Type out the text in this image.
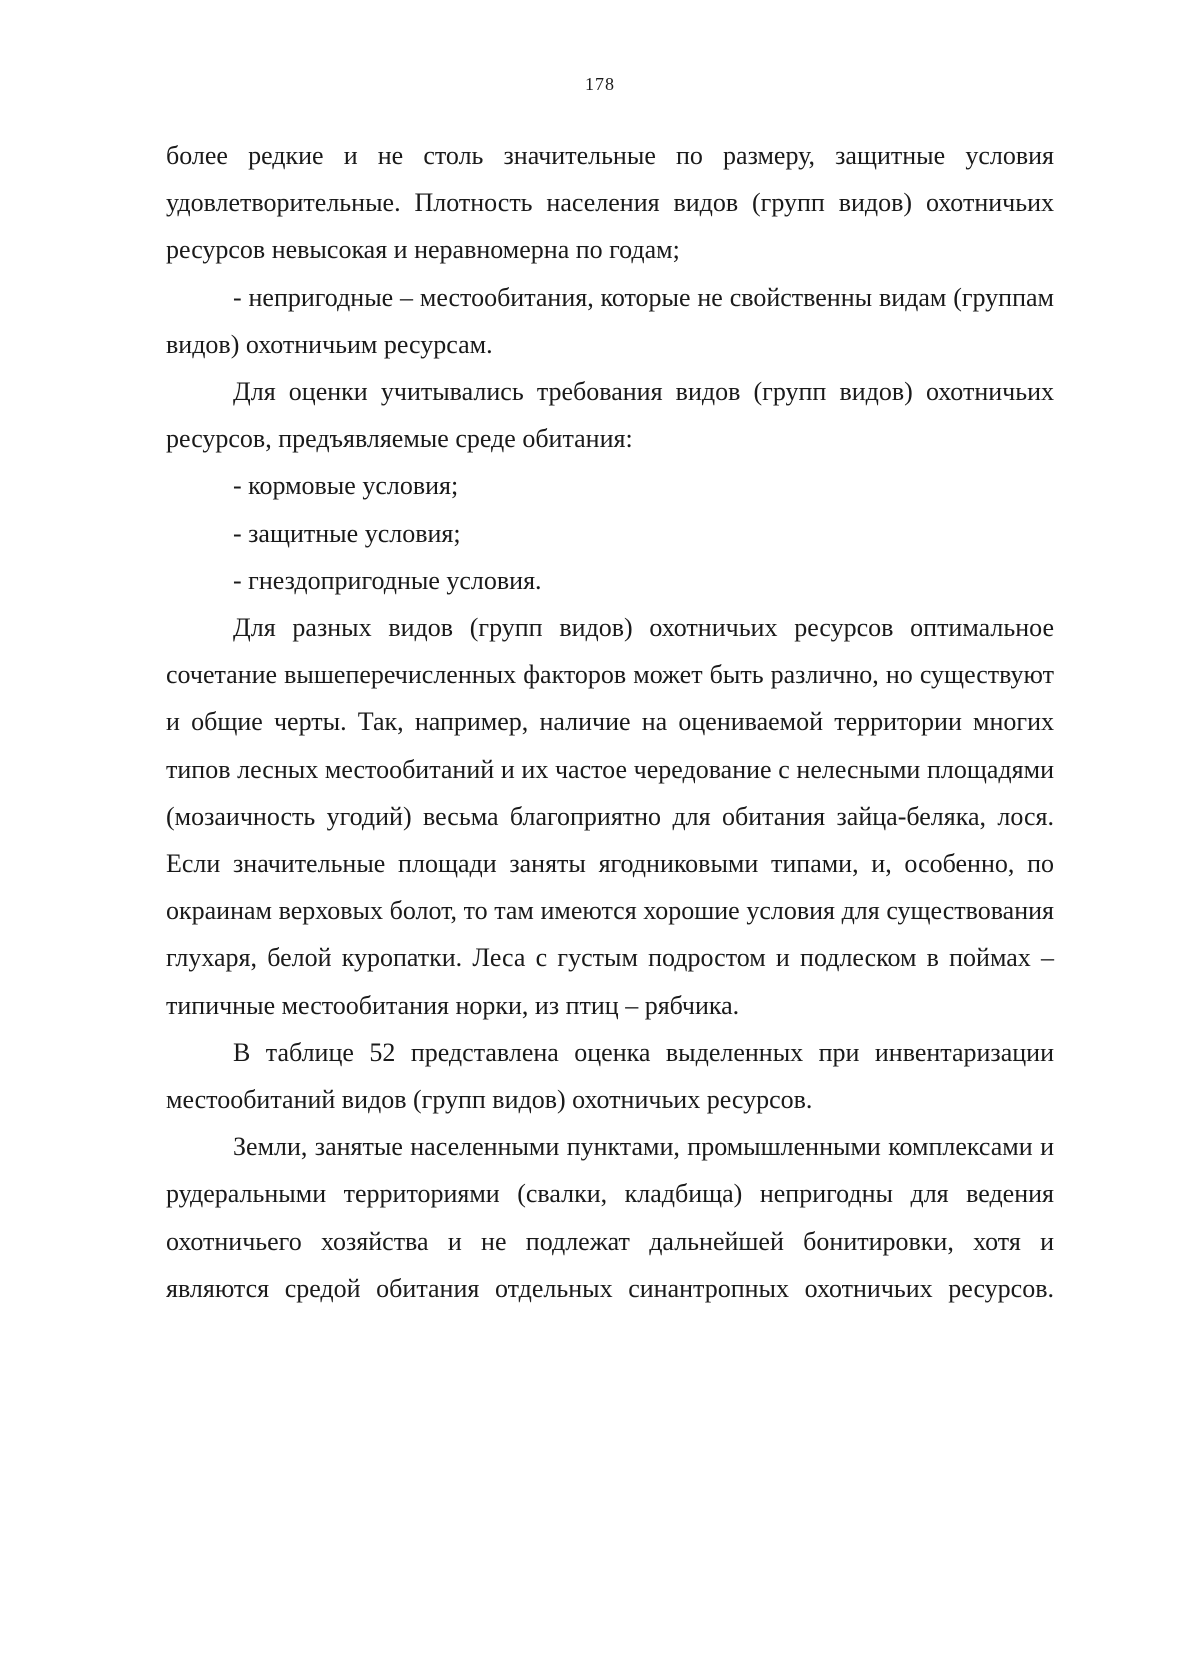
178

более редкие и не столь значительные по размеру, защитные условия удовлетворительные. Плотность населения видов (групп видов) охотничьих ресурсов невысокая и неравномерна по годам;

- непригодные – местообитания, которые не свойственны видам (группам видов) охотничьим ресурсам.

Для оценки учитывались требования видов (групп видов) охотничьих ресурсов, предъявляемые среде обитания:

- кормовые условия;

- защитные условия;

- гнездопригодные условия.

Для разных видов (групп видов) охотничьих ресурсов оптимальное сочетание вышеперечисленных факторов может быть различно, но существуют и общие черты. Так, например, наличие на оцениваемой территории многих типов лесных местообитаний и их частое чередование с нелесными площадями (мозаичность угодий) весьма благоприятно для обитания зайца-беляка, лося. Если значительные площади заняты ягодниковыми типами, и, особенно, по окраинам верховых болот, то там имеются хорошие условия для существования глухаря, белой куропатки. Леса с густым подростом и подлеском в поймах – типичные местообитания норки, из птиц – рябчика.

В таблице 52 представлена оценка выделенных при инвентаризации местообитаний видов (групп видов) охотничьих ресурсов.

Земли, занятые населенными пунктами, промышленными комплексами и рудеральными территориями (свалки, кладбища) непригодны для ведения охотничьего хозяйства и не подлежат дальнейшей бонитировки, хотя и являются средой обитания отдельных синантропных охотничьих ресурсов.
